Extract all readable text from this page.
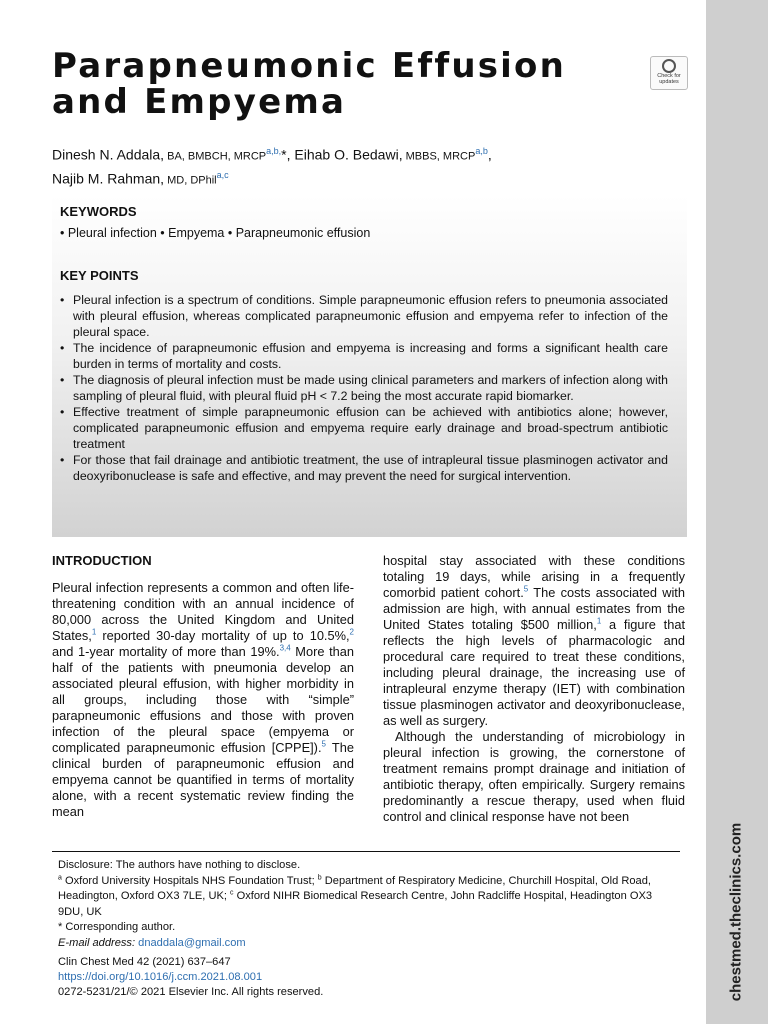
chestmed.theclinics.com
Parapneumonic Effusion
and Empyema
Check for
updates
Dinesh N. Addala, BA, BMBCH, $MRCP^{a,b,}*$, Eihab O. Bedawi, MBBS, MRCP$^{a,b}$,
Najib M. Rahman, MD, DPhil$^{a,c}$
KEYWORDS
• Pleural infection • Empyema • Parapneumonic effusion
KEY POINTS
• Pleural infection is a spectrum of conditions. Simple parapneumonic effusion refers to pneumonia associated with pleural effusion, whereas complicated parapneumonic effusion and empyema refer to infection of the pleural space.
• The incidence of parapneumonic effusion and empyema is increasing and forms a significant health care burden in terms of mortality and costs.
• The diagnosis of pleural infection must be made using clinical parameters and markers of infection along with sampling of pleural fluid, with pleural fluid pH < 7.2 being the most accurate rapid biomarker.
• Effective treatment of simple parapneumonic effusion can be achieved with antibiotics alone; however, complicated parapneumonic effusion and empyema require early drainage and broad-spectrum antibiotic treatment
• For those that fail drainage and antibiotic treatment, the use of intrapleural tissue plasminogen activator and deoxyribonuclease is safe and effective, and may prevent the need for surgical intervention.
INTRODUCTION

Pleural infection represents a common and often life-threatening condition with an annual incidence of 80,000 across the United Kingdom and United States,$^1$ reported 30-day mortality of up to 10.5%,$^2$ and 1-year mortality of more than 19%.$^{3,4}$ More than half of the patients with pneumonia develop an associated pleural effusion, with higher morbidity in all groups, including those with “simple” parapneumonic effusions and those with proven infection of the pleural space (empyema or complicated parapneumonic effusion [CPPE]).$^5$ The clinical burden of parapneumonic effusion and empyema cannot be quantified in terms of mortality alone, with a recent systematic review finding the mean

hospital stay associated with these conditions totaling 19 days, while arising in a frequently comorbid patient cohort.$^5$ The costs associated with admission are high, with annual estimates from the United States totaling $500 million,$^1$ a figure that reflects the high levels of pharmacologic and procedural care required to treat these conditions, including pleural drainage, the increasing use of intrapleural enzyme therapy (IET) with combination tissue plasminogen activator and deoxyribonuclease, as well as surgery.

Although the understanding of microbiology in pleural infection is growing, the cornerstone of treatment remains prompt drainage and initiation of antibiotic therapy, often empirically. Surgery remains predominantly a rescue therapy, used when fluid control and clinical response have not been

Disclosure: The authors have nothing to disclose.

$^a$ Oxford University Hospitals NHS Foundation Trust; $^b$ Department of Respiratory Medicine, Churchill Hospital, Old Road, Headington, Oxford OX3 7LE, UK; $^c$ Oxford NIHR Biomedical Research Centre, John Radcliffe Hospital, Headington OX3 9DU, UK

* Corresponding author.

E-mail address: dnaddala@gmail.com

Clin Chest Med 42 (2021) 637–647

https://doi.org/10.1016/j.ccm.2021.08.001

0272-5231/21/© 2021 Elsevier Inc. All rights reserved.
